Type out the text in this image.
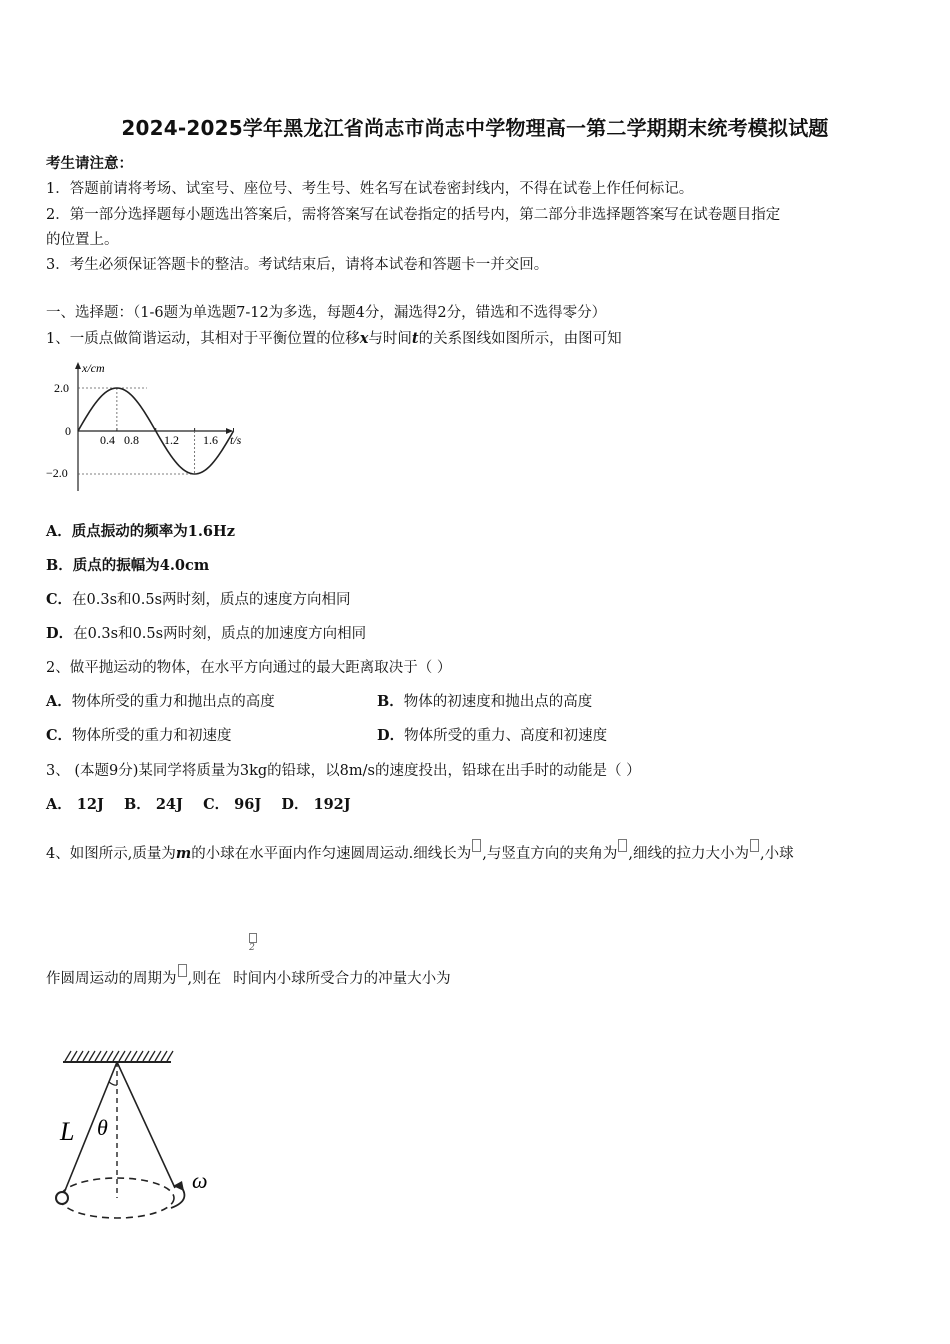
2024-2025学年黑龙江省尚志市尚志中学物理高一第二学期期末统考模拟试题
考生请注意：
1．答题前请将考场、试室号、座位号、考生号、姓名写在试卷密封线内，不得在试卷上作任何标记。
2．第一部分选择题每小题选出答案后，需将答案写在试卷指定的括号内，第二部分非选择题答案写在试卷题目指定
的位置上。
3．考生必须保证答题卡的整洁。考试结束后，请将本试卷和答题卡一并交回。
一、选择题：（1-6题为单选题7-12为多选，每题4分，漏选得2分，错选和不选得零分）
1、一质点做简谐运动，其相对于平衡位置的位移x与时间t的关系图线如图所示，由图可知
x/cm
t/s
2.0
0
−2.0
0.4 0.8 1.2 1.6
A．质点振动的频率为1.6Hz
B．质点的振幅为4.0cm
C．在0.3s和0.5s两时刻，质点的速度方向相同
D．在0.3s和0.5s两时刻，质点的加速度方向相同
2、做平抛运动的物体，在水平方向通过的最大距离取决于（ ）
A．物体所受的重力和抛出点的高度	B．物体的初速度和抛出点的高度
C．物体所受的重力和初速度	D．物体所受的重力、高度和初速度
3、 (本题9分)某同学将质量为3kg的铅球，以8m/s的速度投出，铅球在出手时的动能是（ ）
A． 12J    B． 24J    C． 96J    D． 192J
4、如图所示,质量为m的小球在水平面内作匀速圆周运动.细线长为 ,与竖直方向的夹角为 ,细线的拉力大小为 ,小球
2
作圆周运动的周期为 ,则在 时间内小球所受合力的冲量大小为
L θ
ω
